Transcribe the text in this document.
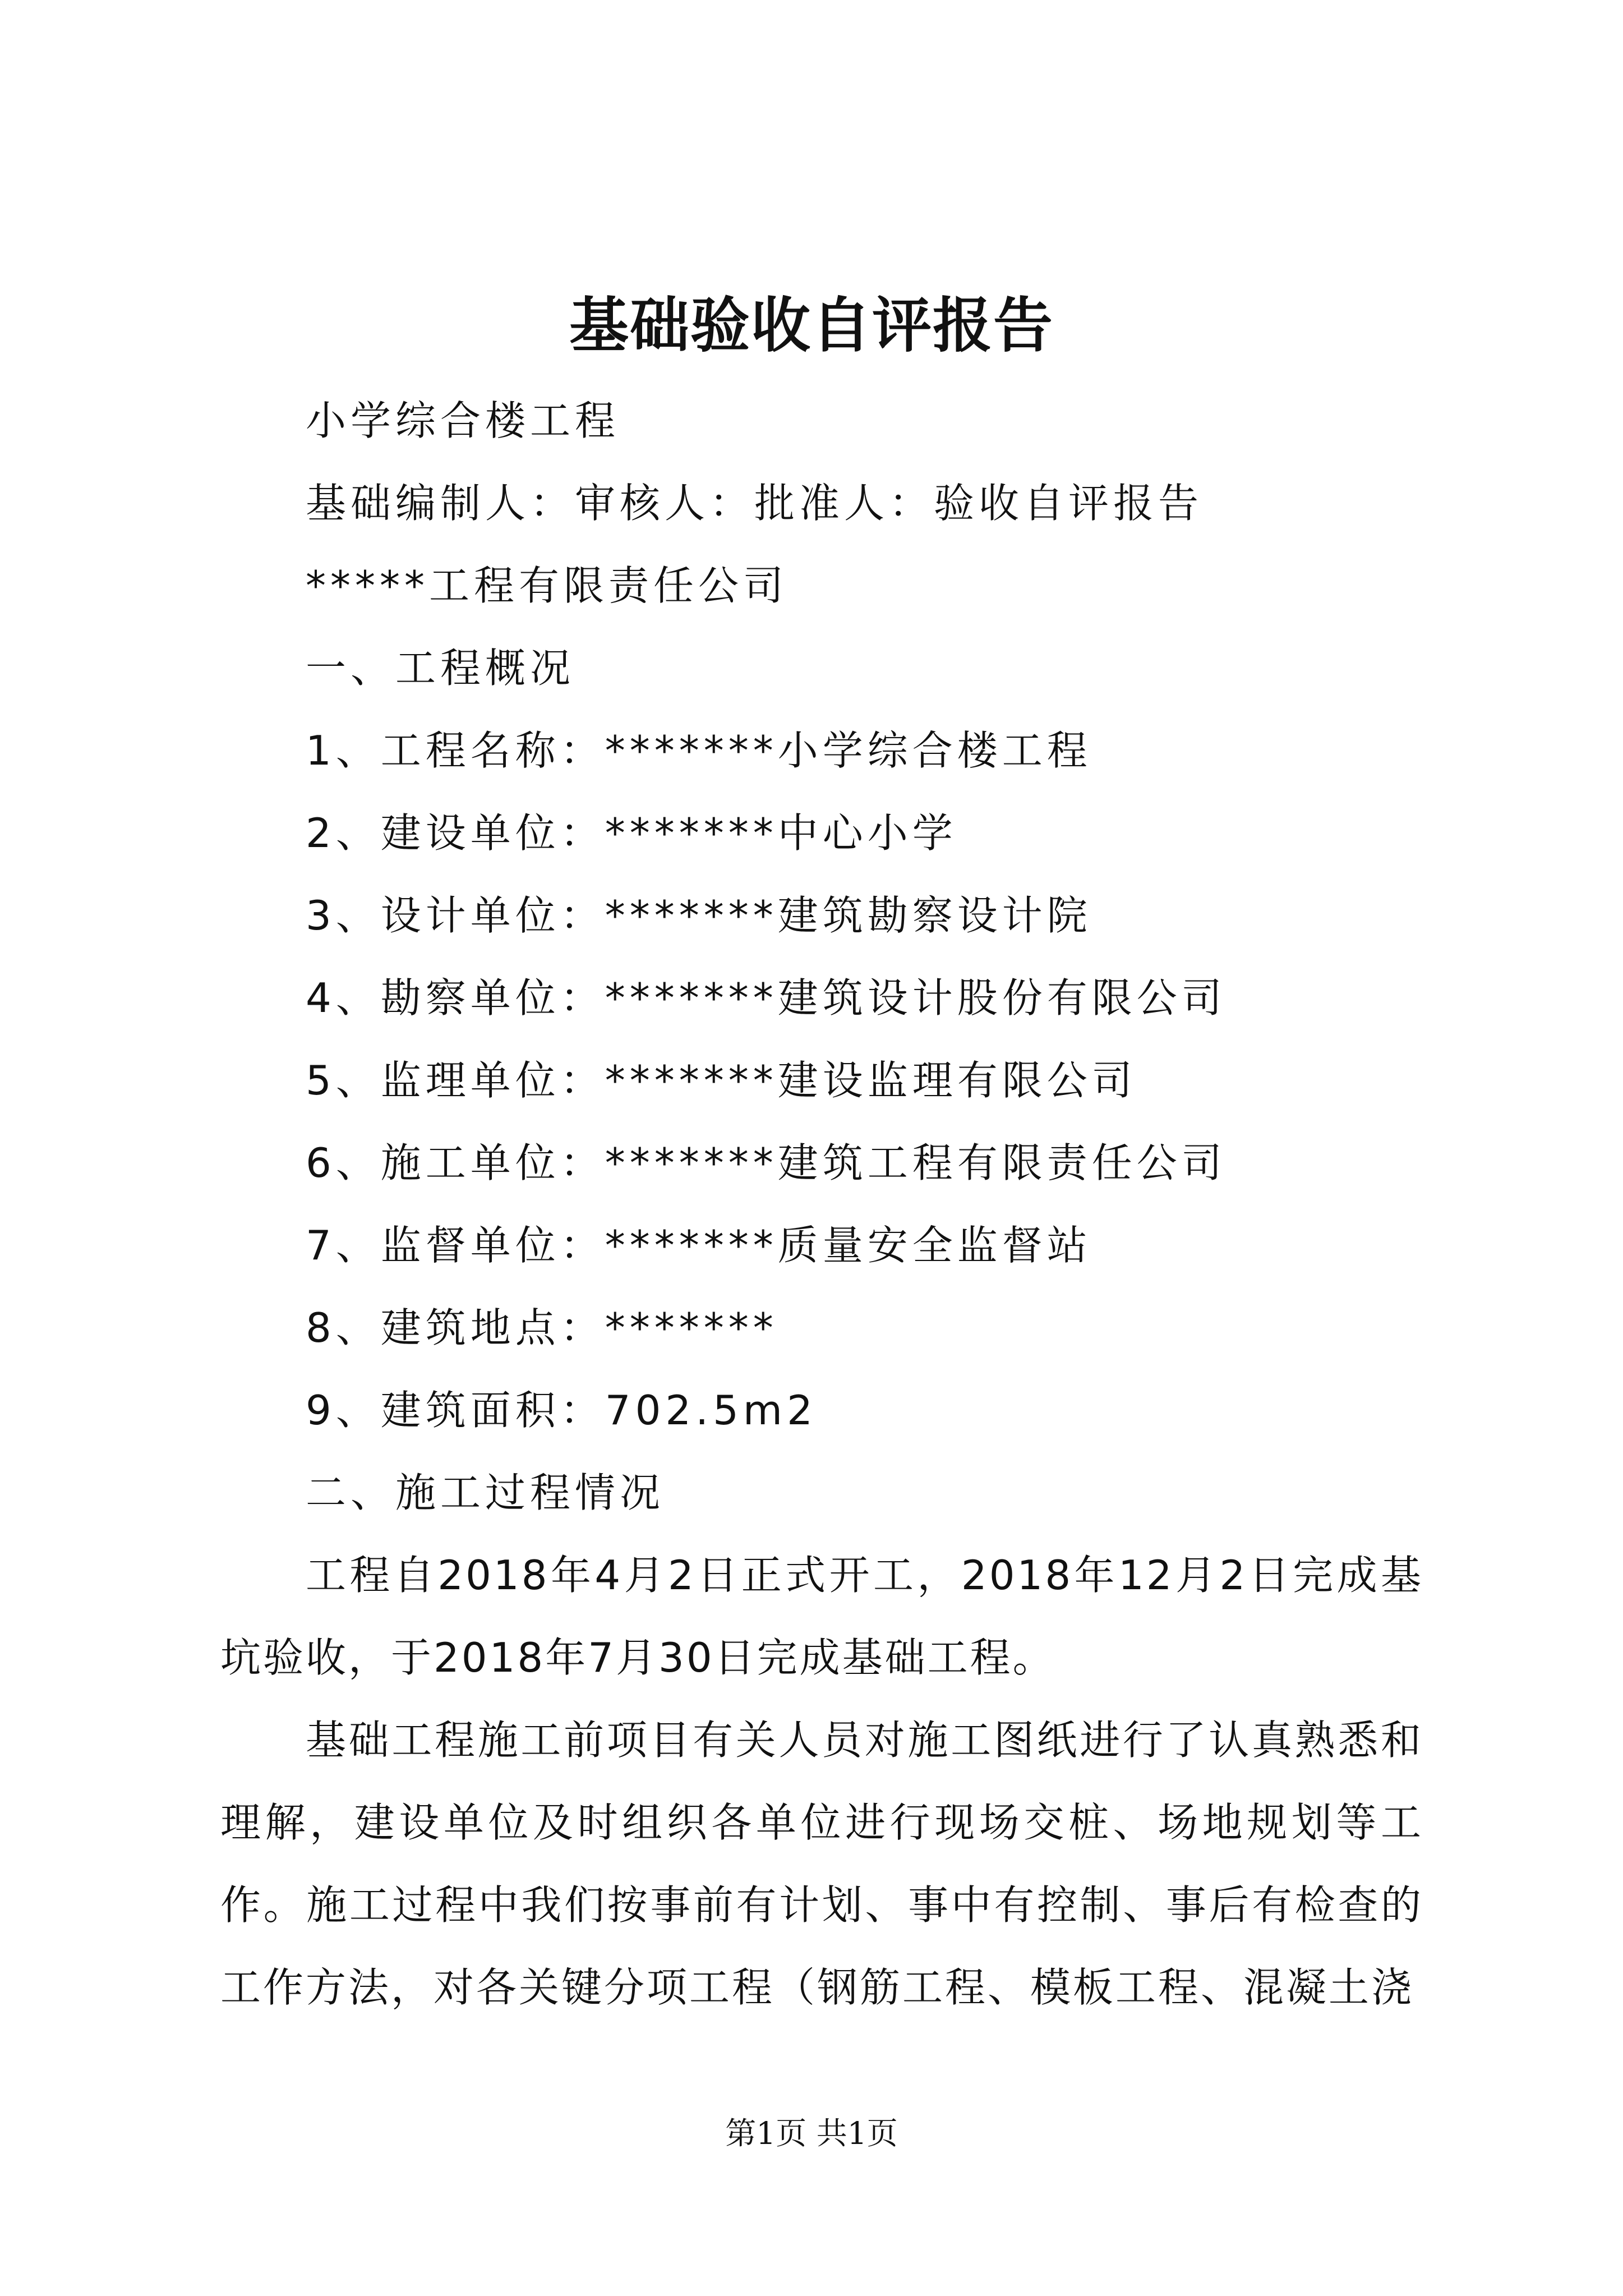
基础验收自评报告
小学综合楼工程
基础编制人：审核人：批准人：验收自评报告
*****工程有限责任公司
一、工程概况
1、工程名称：*******小学综合楼工程
2、建设单位：*******中心小学
3、设计单位：*******建筑勘察设计院
4、勘察单位：*******建筑设计股份有限公司
5、监理单位：*******建设监理有限公司
6、施工单位：*******建筑工程有限责任公司
7、监督单位：*******质量安全监督站
8、建筑地点：*******
9、建筑面积：702.5m2
二、施工过程情况
工程自2018年4月2日正式开工，2018年12月2日完成基坑验收，于2018年7月30日完成基础工程。
基础工程施工前项目有关人员对施工图纸进行了认真熟悉和理解，建设单位及时组织各单位进行现场交桩、场地规划等工作。施工过程中我们按事前有计划、事中有控制、事后有检查的工作方法，对各关键分项工程（钢筋工程、模板工程、混凝土浇
第1页 共1页
